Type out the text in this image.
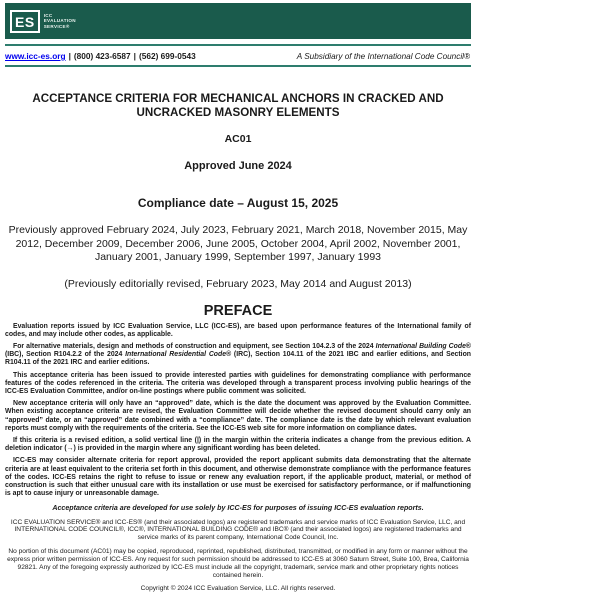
ES	ICC
EVALUATION
SERVICE®
www.icc-es.org | (800) 423-6587 | (562) 699-0543	A Subsidiary of the International Code Council®
ACCEPTANCE CRITERIA FOR MECHANICAL ANCHORS IN CRACKED AND UNCRACKED MASONRY ELEMENTS
AC01
Approved June 2024
Compliance date – August 15, 2025

Previously approved February 2024, July 2023, February 2021, March 2018, November 2015, May 2012, December 2009, December 2006, June 2005, October 2004, April 2002, November 2001, January 2001, January 1999, September 1997, January 1993

(Previously editorially revised, February 2023, May 2014 and August 2013)

PREFACE

Evaluation reports issued by ICC Evaluation Service, LLC (ICC-ES), are based upon performance features of the International family of codes, and may include other codes, as applicable.

For alternative materials, design and methods of construction and equipment, see Section 104.2.3 of the 2024 International Building Code® (IBC), Section R104.2.2 of the 2024 International Residential Code® (IRC), Section 104.11 of the 2021 IBC and earlier editions, and Section R104.11 of the 2021 IRC and earlier editions.

This acceptance criteria has been issued to provide interested parties with guidelines for demonstrating compliance with performance features of the codes referenced in the criteria. The criteria was developed through a transparent process involving public hearings of the ICC-ES Evaluation Committee, and/or on-line postings where public comment was solicited.

New acceptance criteria will only have an “approved” date, which is the date the document was approved by the Evaluation Committee. When existing acceptance criteria are revised, the Evaluation Committee will decide whether the revised document should carry only an “approved” date, or an “approved” date combined with a “compliance” date. The compliance date is the date by which relevant evaluation reports must comply with the requirements of the criteria. See the ICC-ES web site for more information on compliance dates.

If this criteria is a revised edition, a solid vertical line (|) in the margin within the criteria indicates a change from the previous edition. A deletion indicator (→) is provided in the margin where any significant wording has been deleted.

ICC-ES may consider alternate criteria for report approval, provided the report applicant submits data demonstrating that the alternate criteria are at least equivalent to the criteria set forth in this document, and otherwise demonstrate compliance with the performance features of the codes. ICC-ES retains the right to refuse to issue or renew any evaluation report, if the applicable product, material, or method of construction is such that either unusual care with its installation or use must be exercised for satisfactory performance, or if malfunctioning is apt to cause injury or unreasonable damage.

Acceptance criteria are developed for use solely by ICC-ES for purposes of issuing ICC-ES evaluation reports.

ICC EVALUATION SERVICE® and ICC-ES® (and their associated logos) are registered trademarks and service marks of ICC Evaluation Service, LLC, and INTERNATIONAL CODE COUNCIL®, ICC®, INTERNATIONAL BUILDING CODE® and IBC® (and their associated logos) are registered trademarks and service marks of its parent company, International Code Council, Inc.

No portion of this document (AC01) may be copied, reproduced, reprinted, republished, distributed, transmitted, or modified in any form or manner without the express prior written permission of ICC-ES. Any request for such permission should be addressed to ICC-ES at 3060 Saturn Street, Suite 100, Brea, California 92821. Any of the foregoing expressly authorized by ICC-ES must include all the copyright, trademark, service mark and other proprietary rights notices contained herein.

Copyright © 2024 ICC Evaluation Service, LLC. All rights reserved.
